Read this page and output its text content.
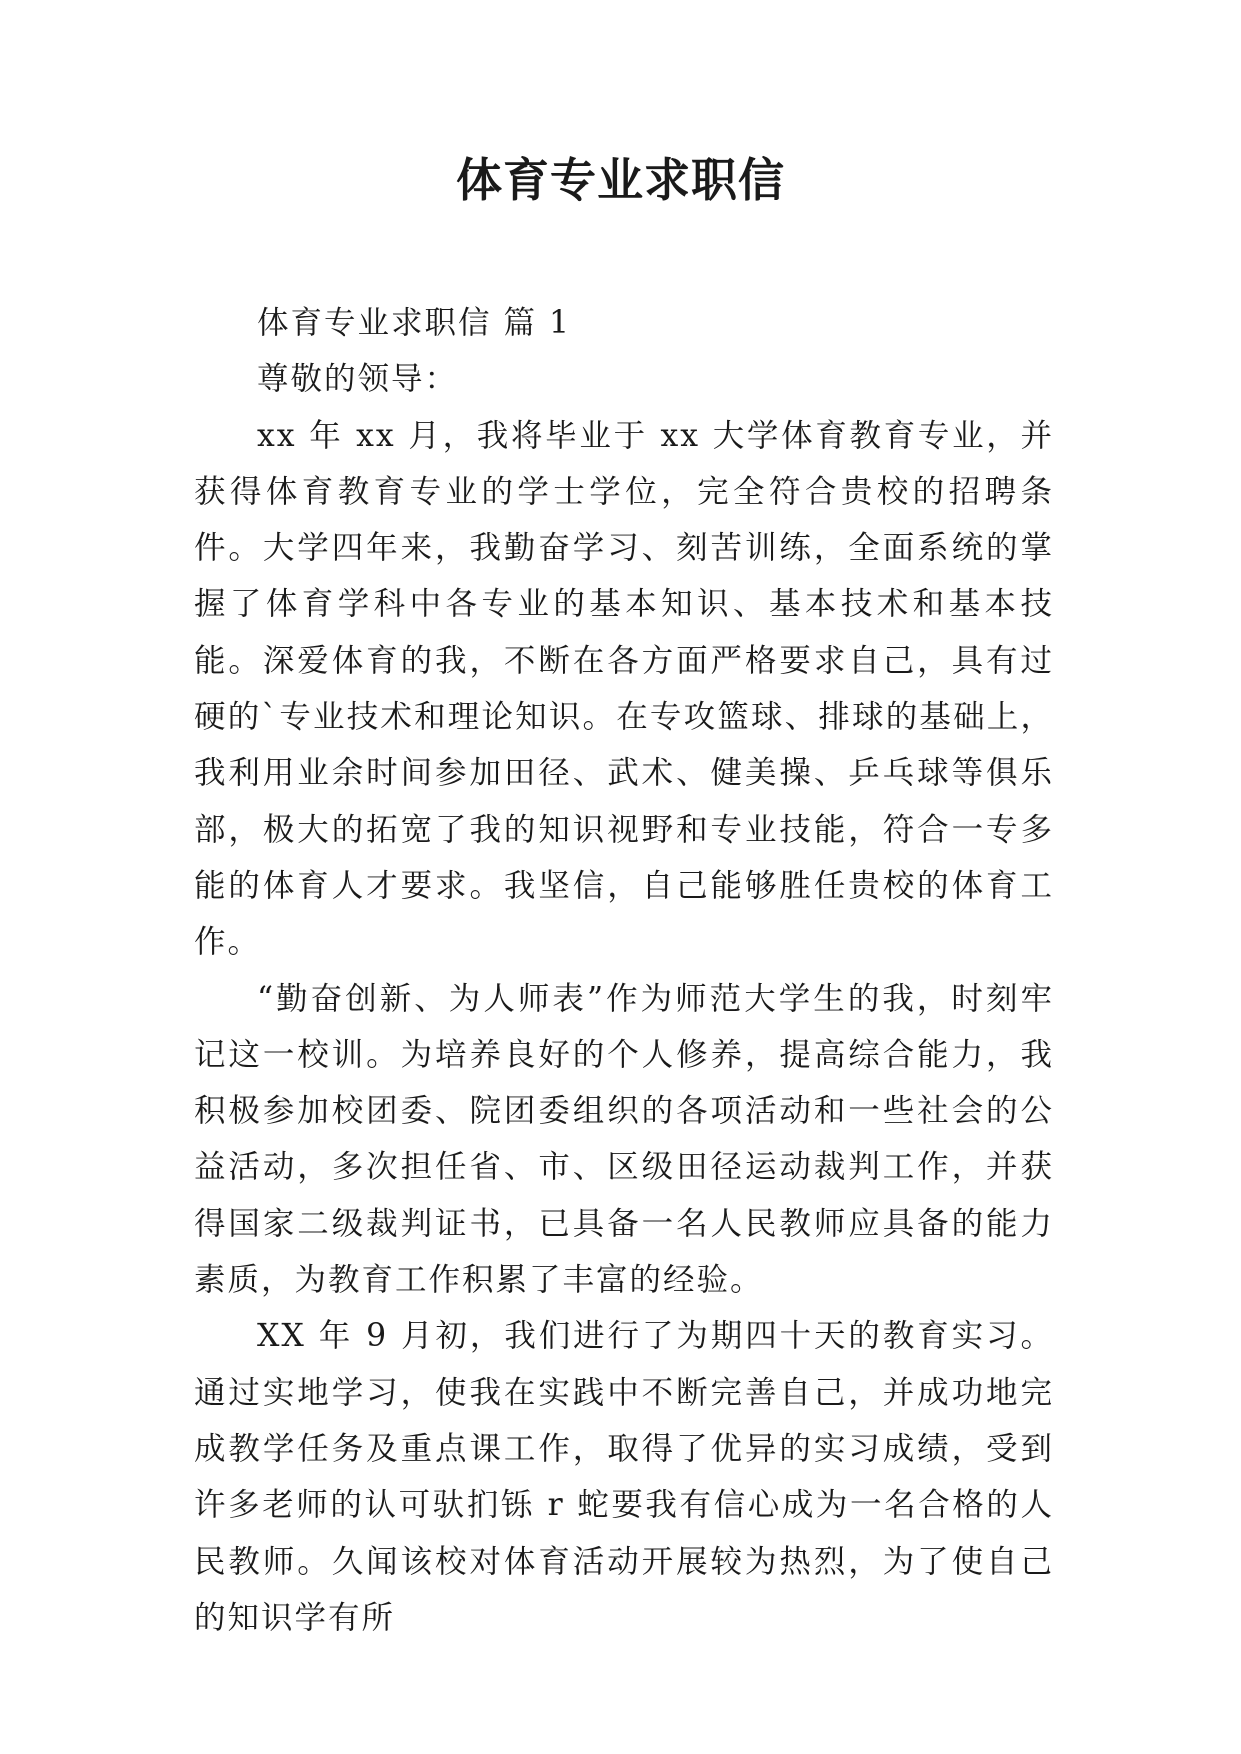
体育专业求职信

体育专业求职信 篇 1

尊敬的领导：

xx 年 xx 月，我将毕业于 xx 大学体育教育专业，并获得体育教育专业的学士学位，完全符合贵校的招聘条件。大学四年来，我勤奋学习、刻苦训练，全面系统的掌握了体育学科中各专业的基本知识、基本技术和基本技能。深爱体育的我，不断在各方面严格要求自己，具有过硬的`专业技术和理论知识。在专攻篮球、排球的基础上，我利用业余时间参加田径、武术、健美操、乒乓球等俱乐部，极大的拓宽了我的知识视野和专业技能，符合一专多能的体育人才要求。我坚信，自己能够胜任贵校的体育工作。

“勤奋创新、为人师表”作为师范大学生的我，时刻牢记这一校训。为培养良好的个人修养，提高综合能力，我积极参加校团委、院团委组织的各项活动和一些社会的公益活动，多次担任省、市、区级田径运动裁判工作，并获得国家二级裁判证书，已具备一名人民教师应具备的能力素质，为教育工作积累了丰富的经验。

XX 年 9 月初，我们进行了为期四十天的教育实习。通过实地学习，使我在实践中不断完善自己，并成功地完成教学任务及重点课工作，取得了优异的实习成绩，受到许多老师的认可驮扪铄 r 蛇要我有信心成为一名合格的人民教师。久闻该校对体育活动开展较为热烈，为了使自己的知识学有所
